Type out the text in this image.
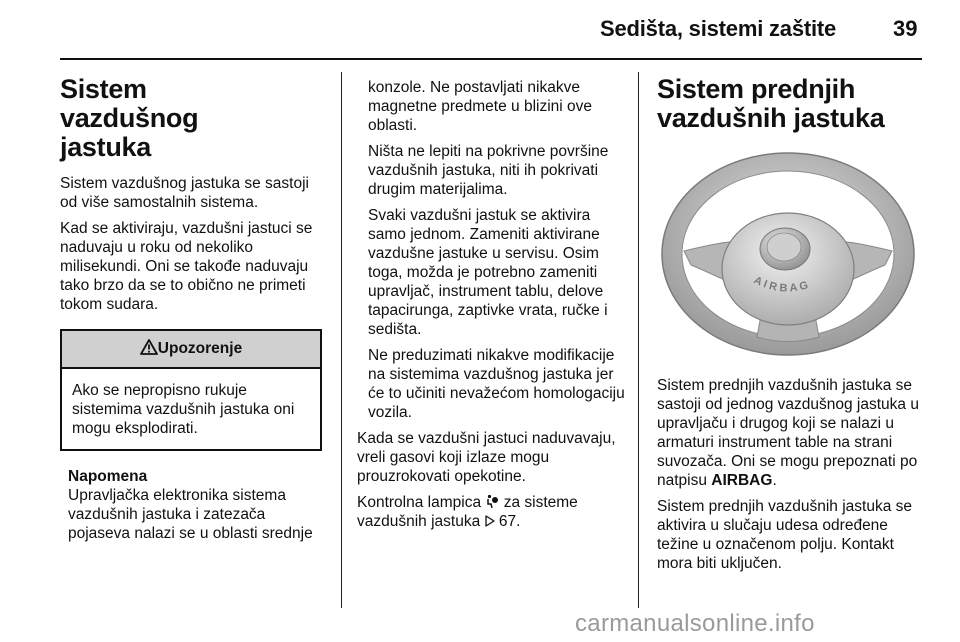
Sedišta, sistemi zaštite	39
Sistem vazdušnog jastuka

Sistem vazdušnog jastuka se sastoji od više samostalnih sistema.

Kad se aktiviraju, vazdušni jastuci se naduvaju u roku od nekoliko milisekundi. Oni se takođe naduvaju tako brzo da se to obično ne primeti tokom sudara.

Upozorenje
Ako se nepropisno rukuje sistemima vazdušnih jastuka oni mogu eksplodirati.
Napomena
Upravljačka elektronika sistema vazdušnih jastuka i zatezača pojaseva nalazi se u oblasti srednje

konzole. Ne postavljati nikakve magnetne predmete u blizini ove oblasti.

Ništa ne lepiti na pokrivne površine vazdušnih jastuka, niti ih pokrivati drugim materijalima.

Svaki vazdušni jastuk se aktivira samo jednom. Zameniti aktivirane vazdušne jastuke u servisu. Osim toga, možda je potrebno zameniti upravljač, instrument tablu, delove tapacirunga, zaptivke vrata, ručke i sedišta.

Ne preduzimati nikakve modifikacije na sistemima vazdušnog jastuka jer će to učiniti nevažećom homologaciju vozila.

Kada se vazdušni jastuci naduvavaju, vreli gasovi koji izlaze mogu prouzrokovati opekotine.

Kontrolna lampica za sisteme vazdušnih jastuka 67.

Sistem prednjih vazdušnih jastuka
A I R B A G

Sistem prednjih vazdušnih jastuka se sastoji od jednog vazdušnog jastuka u upravljaču i drugog koji se nalazi u armaturi instrument table na strani suvozača. Oni se mogu prepoznati po natpisu AIRBAG.

Sistem prednjih vazdušnih jastuka se aktivira u slučaju udesa određene težine u označenom polju. Kontakt mora biti uključen.

carmanualsonline.info
